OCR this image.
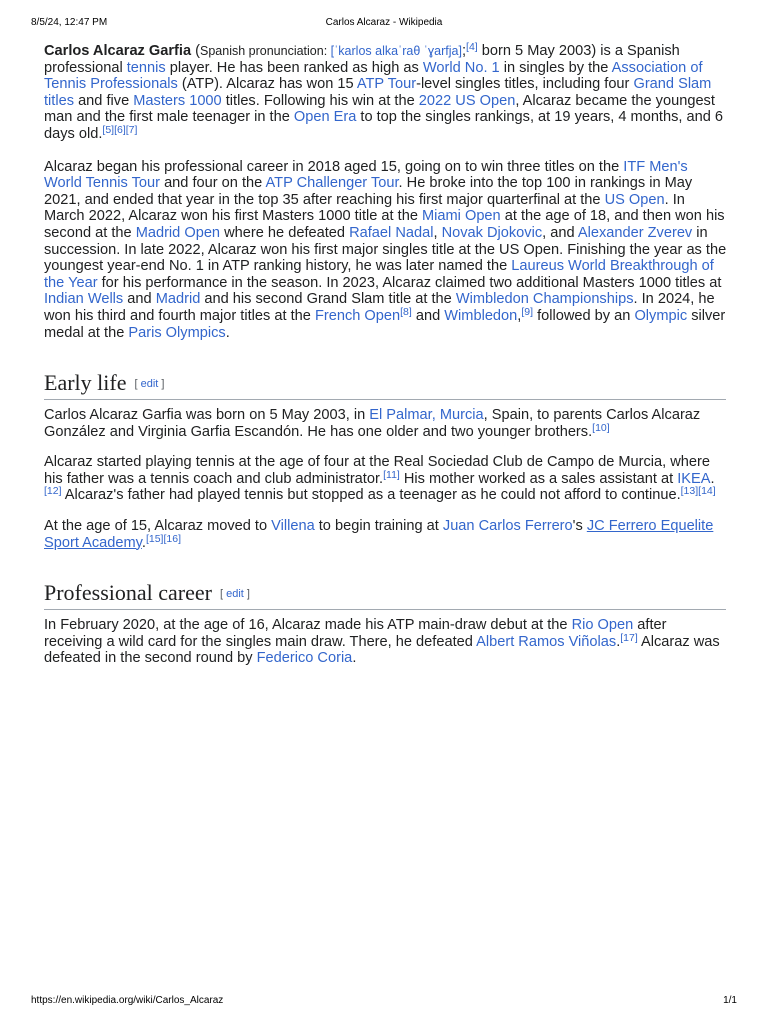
8/5/24, 12:47 PM	Carlos Alcaraz - Wikipedia

Carlos Alcaraz Garfia (Spanish pronunciation: [ˈkarlos alkaˈraθ ˈɣarfja];[4] born 5 May 2003) is a Spanish professional tennis player. He has been ranked as high as World No. 1 in singles by the Association of Tennis Professionals (ATP). Alcaraz has won 15 ATP Tour-level singles titles, including four Grand Slam titles and five Masters 1000 titles. Following his win at the 2022 US Open, Alcaraz became the youngest man and the first male teenager in the Open Era to top the singles rankings, at 19 years, 4 months, and 6 days old.[5][6][7]

Alcaraz began his professional career in 2018 aged 15, going on to win three titles on the ITF Men's World Tennis Tour and four on the ATP Challenger Tour. He broke into the top 100 in rankings in May 2021, and ended that year in the top 35 after reaching his first major quarterfinal at the US Open. In March 2022, Alcaraz won his first Masters 1000 title at the Miami Open at the age of 18, and then won his second at the Madrid Open where he defeated Rafael Nadal, Novak Djokovic, and Alexander Zverev in succession. In late 2022, Alcaraz won his first major singles title at the US Open. Finishing the year as the youngest year-end No. 1 in ATP ranking history, he was later named the Laureus World Breakthrough of the Year for his performance in the season. In 2023, Alcaraz claimed two additional Masters 1000 titles at Indian Wells and Madrid and his second Grand Slam title at the Wimbledon Championships. In 2024, he won his third and fourth major titles at the French Open[8] and Wimbledon,[9] followed by an Olympic silver medal at the Paris Olympics.

Early life [ edit ]

Carlos Alcaraz Garfia was born on 5 May 2003, in El Palmar, Murcia, Spain, to parents Carlos Alcaraz González and Virginia Garfia Escandón. He has one older and two younger brothers.[10]

Alcaraz started playing tennis at the age of four at the Real Sociedad Club de Campo de Murcia, where his father was a tennis coach and club administrator.[11] His mother worked as a sales assistant at IKEA.[12] Alcaraz's father had played tennis but stopped as a teenager as he could not afford to continue.[13][14]

At the age of 15, Alcaraz moved to Villena to begin training at Juan Carlos Ferrero's JC Ferrero Equelite Sport Academy.[15][16]

Professional career [ edit ]

In February 2020, at the age of 16, Alcaraz made his ATP main-draw debut at the Rio Open after receiving a wild card for the singles main draw. There, he defeated Albert Ramos Viñolas.[17] Alcaraz was defeated in the second round by Federico Coria.

https://en.wikipedia.org/wiki/Carlos_Alcaraz	1/1
